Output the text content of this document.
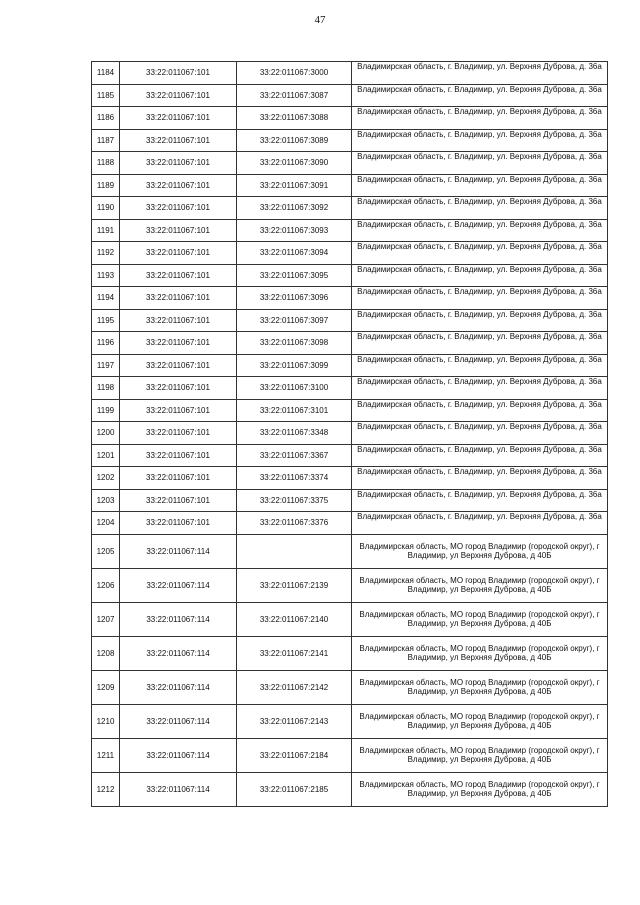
47
1184	33:22:011067:101	33:22:011067:3000	Владимирская область, г. Владимир, ул. Верхняя Дуброва, д. 36а
1185	33:22:011067:101	33:22:011067:3087	Владимирская область, г. Владимир, ул. Верхняя Дуброва, д. 36а
1186	33:22:011067:101	33:22:011067:3088	Владимирская область, г. Владимир, ул. Верхняя Дуброва, д. 36а
1187	33:22:011067:101	33:22:011067:3089	Владимирская область, г. Владимир, ул. Верхняя Дуброва, д. 36а
1188	33:22:011067:101	33:22:011067:3090	Владимирская область, г. Владимир, ул. Верхняя Дуброва, д. 36а
1189	33:22:011067:101	33:22:011067:3091	Владимирская область, г. Владимир, ул. Верхняя Дуброва, д. 36а
1190	33:22:011067:101	33:22:011067:3092	Владимирская область, г. Владимир, ул. Верхняя Дуброва, д. 36а
1191	33:22:011067:101	33:22:011067:3093	Владимирская область, г. Владимир, ул. Верхняя Дуброва, д. 36а
1192	33:22:011067:101	33:22:011067:3094	Владимирская область, г. Владимир, ул. Верхняя Дуброва, д. 36а
1193	33:22:011067:101	33:22:011067:3095	Владимирская область, г. Владимир, ул. Верхняя Дуброва, д. 36а
1194	33:22:011067:101	33:22:011067:3096	Владимирская область, г. Владимир, ул. Верхняя Дуброва, д. 36а
1195	33:22:011067:101	33:22:011067:3097	Владимирская область, г. Владимир, ул. Верхняя Дуброва, д. 36а
1196	33:22:011067:101	33:22:011067:3098	Владимирская область, г. Владимир, ул. Верхняя Дуброва, д. 36а
1197	33:22:011067:101	33:22:011067:3099	Владимирская область, г. Владимир, ул. Верхняя Дуброва, д. 36а
1198	33:22:011067:101	33:22:011067:3100	Владимирская область, г. Владимир, ул. Верхняя Дуброва, д. 36а
1199	33:22:011067:101	33:22:011067:3101	Владимирская область, г. Владимир, ул. Верхняя Дуброва, д. 36а
1200	33:22:011067:101	33:22:011067:3348	Владимирская область, г. Владимир, ул. Верхняя Дуброва, д. 36а
1201	33:22:011067:101	33:22:011067:3367	Владимирская область, г. Владимир, ул. Верхняя Дуброва, д. 36а
1202	33:22:011067:101	33:22:011067:3374	Владимирская область, г. Владимир, ул. Верхняя Дуброва, д. 36а
1203	33:22:011067:101	33:22:011067:3375	Владимирская область, г. Владимир, ул. Верхняя Дуброва, д. 36а
1204	33:22:011067:101	33:22:011067:3376	Владимирская область, г. Владимир, ул. Верхняя Дуброва, д. 36а
1205	33:22:011067:114		Владимирская область, МО город Владимир (городской округ), г Владимир, ул Верхняя Дуброва, д 40Б
1206	33:22:011067:114	33:22:011067:2139	Владимирская область, МО город Владимир (городской округ), г Владимир, ул Верхняя Дуброва, д 40Б
1207	33:22:011067:114	33:22:011067:2140	Владимирская область, МО город Владимир (городской округ), г Владимир, ул Верхняя Дуброва, д 40Б
1208	33:22:011067:114	33:22:011067:2141	Владимирская область, МО город Владимир (городской округ), г Владимир, ул Верхняя Дуброва, д 40Б
1209	33:22:011067:114	33:22:011067:2142	Владимирская область, МО город Владимир (городской округ), г Владимир, ул Верхняя Дуброва, д 40Б
1210	33:22:011067:114	33:22:011067:2143	Владимирская область, МО город Владимир (городской округ), г Владимир, ул Верхняя Дуброва, д 40Б
1211	33:22:011067:114	33:22:011067:2184	Владимирская область, МО город Владимир (городской округ), г Владимир, ул Верхняя Дуброва, д 40Б
1212	33:22:011067:114	33:22:011067:2185	Владимирская область, МО город Владимир (городской округ), г Владимир, ул Верхняя Дуброва, д 40Б
